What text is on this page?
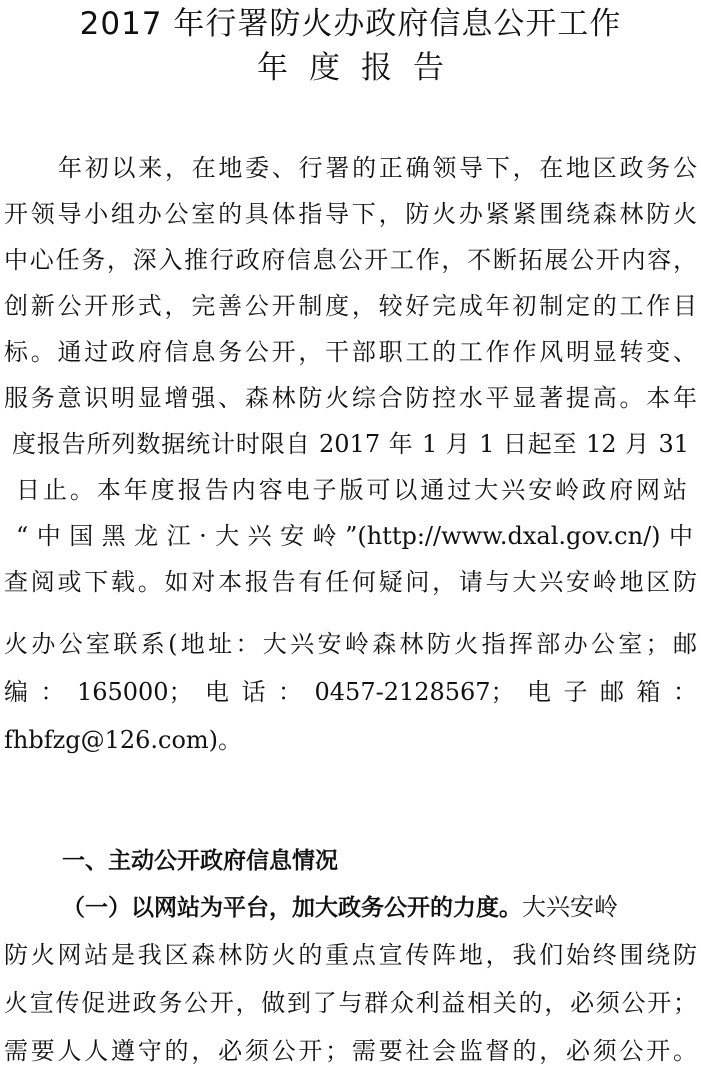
2017 年行署防火办政府信息公开工作
年度报告
年初以来，在地委、行署的正确领导下，在地区政务公
开领导小组办公室的具体指导下，防火办紧紧围绕森林防火
中心任务，深入推行政府信息公开工作，不断拓展公开内容，
创新公开形式，完善公开制度，较好完成年初制定的工作目
标。通过政府信息务公开，干部职工的工作作风明显转变、
服务意识明显增强、森林防火综合防控水平显著提高。本年
度报告所列数据统计时限自 2017 年 1 月 1 日起至 12 月 31
日止。本年度报告内容电子版可以通过大兴安岭政府网站
“中国黑龙江·大兴安岭”(http://www.dxal.gov.cn/)中
查阅或下载。如对本报告有任何疑问，请与大兴安岭地区防
火办公室联系(地址：大兴安岭森林防火指挥部办公室；邮
编：165000；电话：0457-2128567；电子邮箱：
fhbfzg@126.com)。
一、主动公开政府信息情况
（一）以网站为平台，加大政务公开的力度。大兴安岭
防火网站是我区森林防火的重点宣传阵地，我们始终围绕防
火宣传促进政务公开，做到了与群众利益相关的，必须公开；
需要人人遵守的，必须公开；需要社会监督的，必须公开。
